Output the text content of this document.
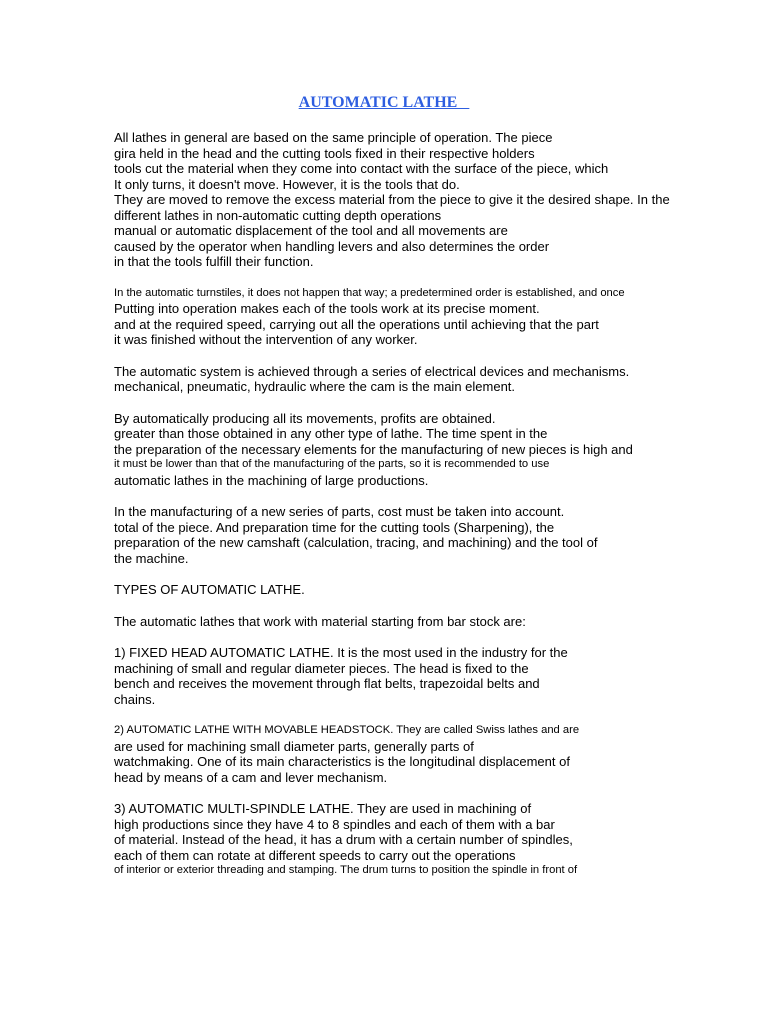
AUTOMATIC LATHE
All lathes in general are based on the same principle of operation. The piece
gira held in the head and the cutting tools fixed in their respective holders
tools cut the material when they come into contact with the surface of the piece, which
It only turns, it doesn't move. However, it is the tools that do.
They are moved to remove the excess material from the piece to give it the desired shape. In the
different lathes in non-automatic cutting depth operations
manual or automatic displacement of the tool and all movements are
caused by the operator when handling levers and also determines the order
in that the tools fulfill their function.
In the automatic turnstiles, it does not happen that way; a predetermined order is established, and once
Putting into operation makes each of the tools work at its precise moment.
and at the required speed, carrying out all the operations until achieving that the part
it was finished without the intervention of any worker.
The automatic system is achieved through a series of electrical devices and mechanisms.
mechanical, pneumatic, hydraulic where the cam is the main element.
By automatically producing all its movements, profits are obtained.
greater than those obtained in any other type of lathe. The time spent in the
the preparation of the necessary elements for the manufacturing of new pieces is high and
it must be lower than that of the manufacturing of the parts, so it is recommended to use
automatic lathes in the machining of large productions.
In the manufacturing of a new series of parts, cost must be taken into account.
total of the piece. And preparation time for the cutting tools (Sharpening), the
preparation of the new camshaft (calculation, tracing, and machining) and the tool of
the machine.
TYPES OF AUTOMATIC LATHE.
The automatic lathes that work with material starting from bar stock are:
1) FIXED HEAD AUTOMATIC LATHE. It is the most used in the industry for the
machining of small and regular diameter pieces. The head is fixed to the
bench and receives the movement through flat belts, trapezoidal belts and
chains.
2) AUTOMATIC LATHE WITH MOVABLE HEADSTOCK. They are called Swiss lathes and are
are used for machining small diameter parts, generally parts of
watchmaking. One of its main characteristics is the longitudinal displacement of
head by means of a cam and lever mechanism.
3) AUTOMATIC MULTI-SPINDLE LATHE. They are used in machining of
high productions since they have 4 to 8 spindles and each of them with a bar
of material. Instead of the head, it has a drum with a certain number of spindles,
each of them can rotate at different speeds to carry out the operations
of interior or exterior threading and stamping. The drum turns to position the spindle in front of
